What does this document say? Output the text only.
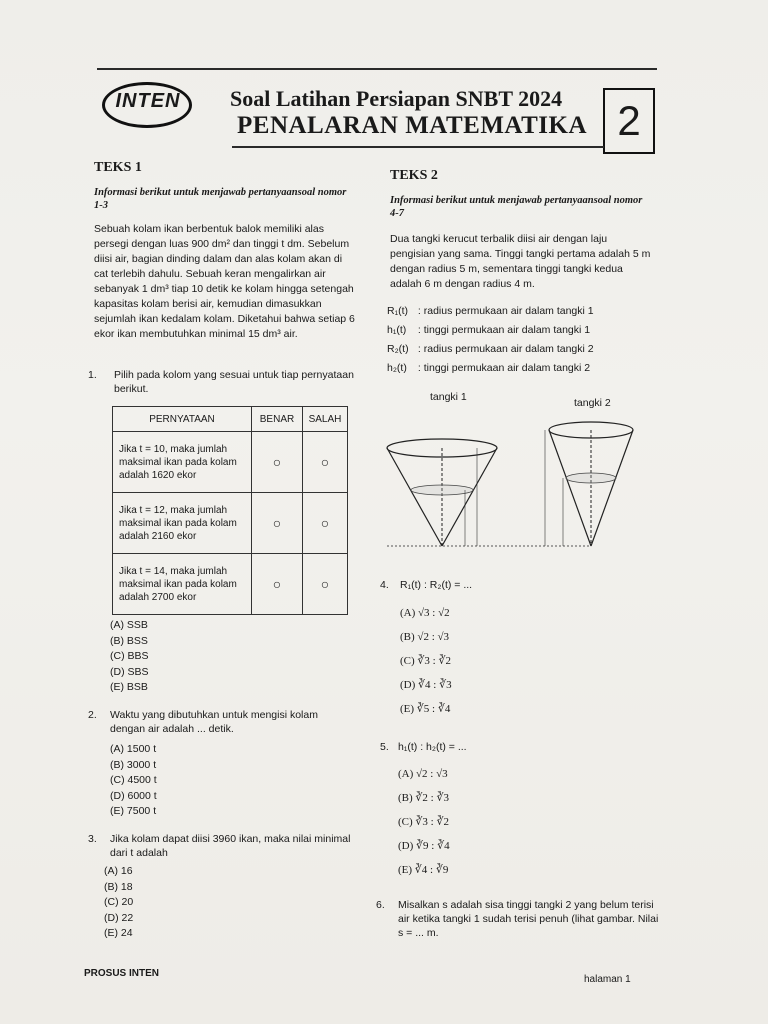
INTEN	Soal Latihan Persiapan SNBT 2024
PENALARAN MATEMATIKA 2
TEKS 1
Informasi berikut untuk menjawab pertanyaansoal nomor 1-3
Sebuah kolam ikan berbentuk balok memiliki alas persegi dengan luas 900 dm² dan tinggi t dm. Sebelum diisi air, bagian dinding dalam dan alas kolam akan di cat terlebih dahulu. Sebuah keran mengalirkan air sebanyak 1 dm³ tiap 10 detik ke kolam hingga setengah kapasitas kolam berisi air, kemudian dimasukkan sejumlah ikan kedalam kolam. Diketahui bahwa setiap 6 ekor ikan membutuhkan minimal 15 dm³ air.
1. Pilih pada kolom yang sesuai untuk tiap pernyataan berikut.
PERNYATAAN	BENAR	SALAH
Jika t = 10, maka jumlah maksimal ikan pada kolam adalah 1620 ekor	○	○
Jika t = 12, maka jumlah maksimal ikan pada kolam adalah 2160 ekor	○	○
Jika t = 14, maka jumlah maksimal ikan pada kolam adalah 2700 ekor	○	○
(A) SSB
(B) BSS
(C) BBS
(D) SBS
(E) BSB
2. Waktu yang dibutuhkan untuk mengisi kolam dengan air adalah ... detik.
(A) 1500 t
(B) 3000 t
(C) 4500 t
(D) 6000 t
(E) 7500 t
3. Jika kolam dapat diisi 3960 ikan, maka nilai minimal dari t adalah
(A) 16
(B) 18
(C) 20
(D) 22
(E) 24
TEKS 2
Informasi berikut untuk menjawab pertanyaansoal nomor 4-7
Dua tangki kerucut terbalik diisi air dengan laju pengisian yang sama. Tinggi tangki pertama adalah 5 m dengan radius 5 m, sementara tinggi tangki kedua adalah 6 m dengan radius 4 m.
R₁(t) : radius permukaan air dalam tangki 1
h₁(t) : tinggi permukaan air dalam tangki 1
R₂(t) : radius permukaan air dalam tangki 2
h₂(t) : tinggi permukaan air dalam tangki 2
tangki 1	tangki 2
4. R₁(t) : R₂(t) = ...
(A) √3 : √2
(B) √2 : √3
(C) ∛3 : ∛2
(D) ∛4 : ∛3
(E) ∛5 : ∛4
5. h₁(t) : h₂(t) = ...
(A) √2 : √3
(B) ∛2 : ∛3
(C) ∛3 : ∛2
(D) ∛9 : ∛4
(E) ∛4 : ∛9
6. Misalkan s adalah sisa tinggi tangki 2 yang belum terisi air ketika tangki 1 sudah terisi penuh (lihat gambar. Nilai s = ... m.
PROSUS INTEN
halaman 1
